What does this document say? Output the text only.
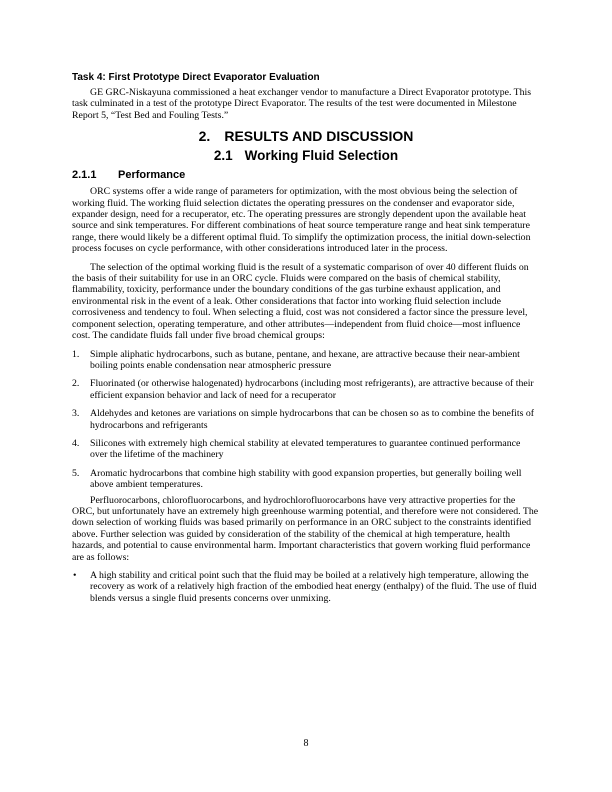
Task 4: First Prototype Direct Evaporator Evaluation

GE GRC-Niskayuna commissioned a heat exchanger vendor to manufacture a Direct Evaporator prototype. This task culminated in a test of the prototype Direct Evaporator. The results of the test were documented in Milestone Report 5, “Test Bed and Fouling Tests.”

2. RESULTS AND DISCUSSION
2.1 Working Fluid Selection
2.1.1 Performance

ORC systems offer a wide range of parameters for optimization, with the most obvious being the selection of working fluid. The working fluid selection dictates the operating pressures on the condenser and evaporator side, expander design, need for a recuperator, etc. The operating pressures are strongly dependent upon the available heat source and sink temperatures. For different combinations of heat source temperature range and heat sink temperature range, there would likely be a different optimal fluid. To simplify the optimization process, the initial down-selection process focuses on cycle performance, with other considerations introduced later in the process.

The selection of the optimal working fluid is the result of a systematic comparison of over 40 different fluids on the basis of their suitability for use in an ORC cycle. Fluids were compared on the basis of chemical stability, flammability, toxicity, performance under the boundary conditions of the gas turbine exhaust application, and environmental risk in the event of a leak. Other considerations that factor into working fluid selection include corrosiveness and tendency to foul. When selecting a fluid, cost was not considered a factor since the pressure level, component selection, operating temperature, and other attributes—independent from fluid choice—most influence cost. The candidate fluids fall under five broad chemical groups:

1. Simple aliphatic hydrocarbons, such as butane, pentane, and hexane, are attractive because their near-ambient boiling points enable condensation near atmospheric pressure
2. Fluorinated (or otherwise halogenated) hydrocarbons (including most refrigerants), are attractive because of their efficient expansion behavior and lack of need for a recuperator
3. Aldehydes and ketones are variations on simple hydrocarbons that can be chosen so as to combine the benefits of hydrocarbons and refrigerants
4. Silicones with extremely high chemical stability at elevated temperatures to guarantee continued performance over the lifetime of the machinery
5. Aromatic hydrocarbons that combine high stability with good expansion properties, but generally boiling well above ambient temperatures.

Perfluorocarbons, chlorofluorocarbons, and hydrochlorofluorocarbons have very attractive properties for the ORC, but unfortunately have an extremely high greenhouse warming potential, and therefore were not considered. The down selection of working fluids was based primarily on performance in an ORC subject to the constraints identified above. Further selection was guided by consideration of the stability of the chemical at high temperature, health hazards, and potential to cause environmental harm. Important characteristics that govern working fluid performance are as follows:

• A high stability and critical point such that the fluid may be boiled at a relatively high temperature, allowing the recovery as work of a relatively high fraction of the embodied heat energy (enthalpy) of the fluid. The use of fluid blends versus a single fluid presents concerns over unmixing.
8
